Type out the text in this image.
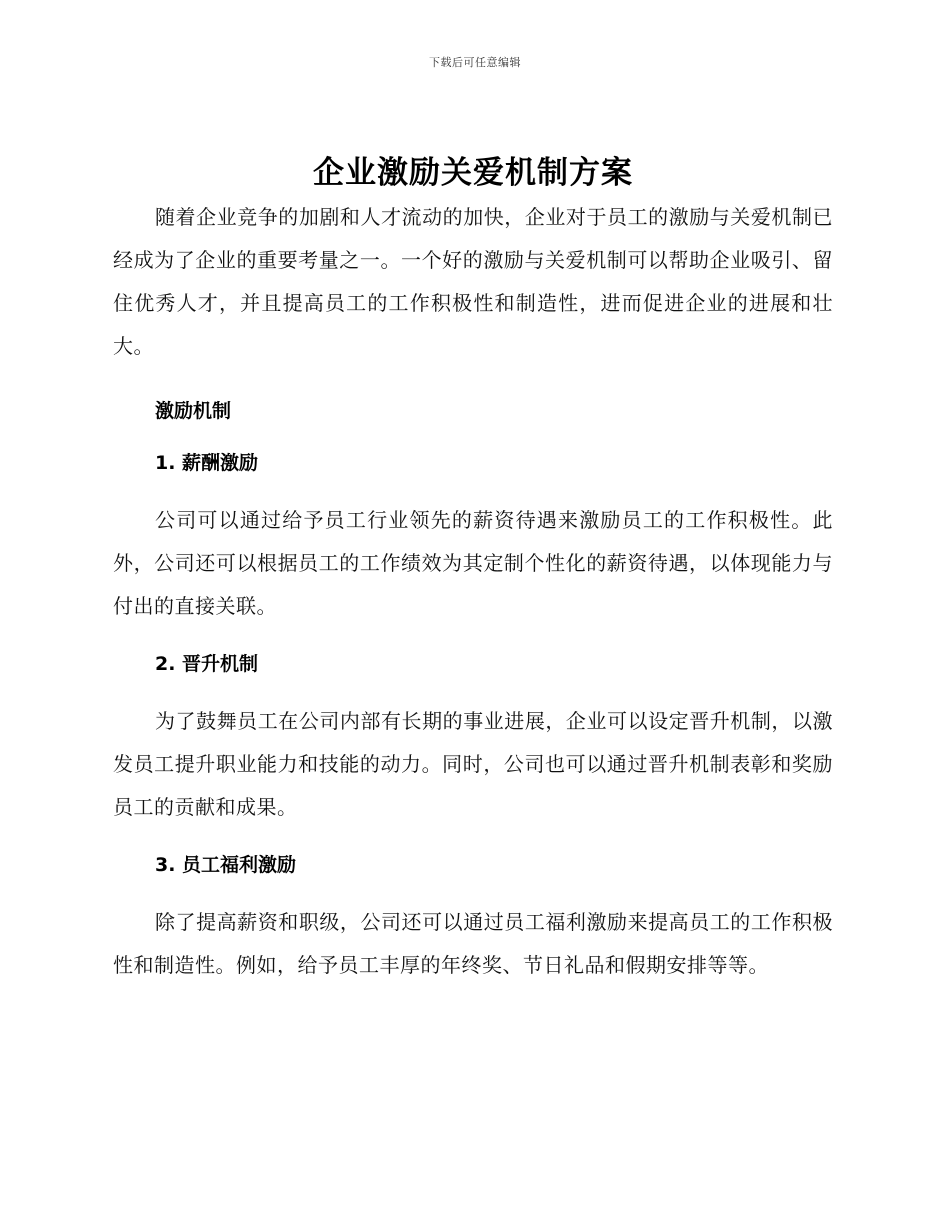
下载后可任意编辑
企业激励关爱机制方案

随着企业竞争的加剧和人才流动的加快，企业对于员工的激励与关爱机制已经成为了企业的重要考量之一。一个好的激励与关爱机制可以帮助企业吸引、留住优秀人才，并且提高员工的工作积极性和制造性，进而促进企业的进展和壮大。

激励机制
1. 薪酬激励

公司可以通过给予员工行业领先的薪资待遇来激励员工的工作积极性。此外，公司还可以根据员工的工作绩效为其定制个性化的薪资待遇，以体现能力与付出的直接关联。

2. 晋升机制

为了鼓舞员工在公司内部有长期的事业进展，企业可以设定晋升机制，以激发员工提升职业能力和技能的动力。同时，公司也可以通过晋升机制表彰和奖励员工的贡献和成果。

3. 员工福利激励

除了提高薪资和职级，公司还可以通过员工福利激励来提高员工的工作积极性和制造性。例如，给予员工丰厚的年终奖、节日礼品和假期安排等等。
